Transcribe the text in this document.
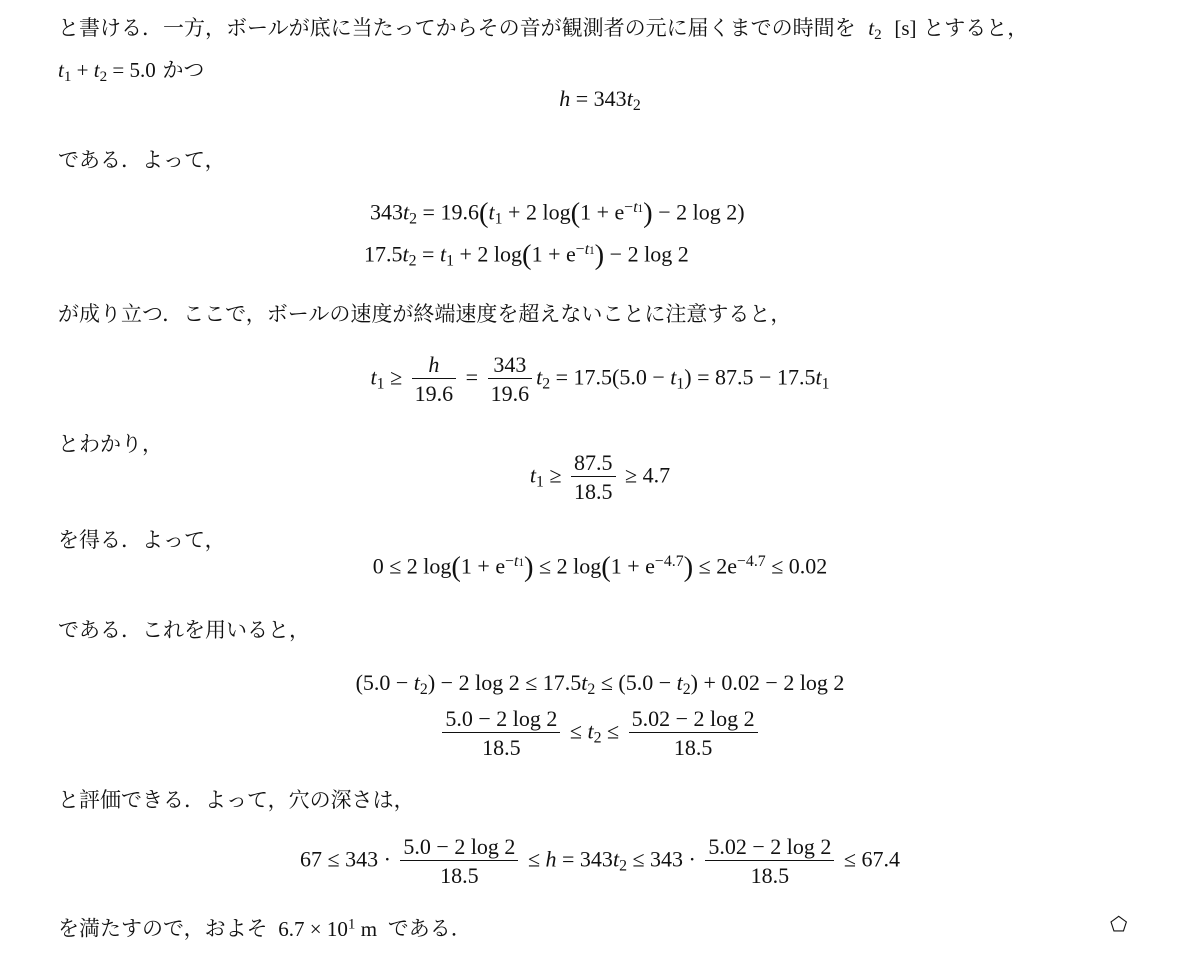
と書ける．一方，ボールが底に当たってからその音が観測者の元に届くまでの時間を $t_2$ [s] とすると，
$t_1 + t_2 = 5.0$ かつ
$h = 343t_2$
である．よって，
$343t_2 = 19.6(t_1 + 2$ $\log(1 + e^{-t1}) - 2$ log 2)
$17.5t_2 = t_1 + 2$ $\log(1 + e^{-t1}) - 2$ log 2
が成り立つ．ここで，ボールの速度が終端速度を超えないことに注意すると，
$t_1 \ge \frac{h}{19.6} = \frac{343}{19.6} t_2 = 17.5(5.0 - t_1) = 87.5 - 17.5t_1$
とわかり，
$t_1 \ge \frac{87.5}{18.5} \ge 4.7$
を得る．よって，
0 ≤ 2 $\log(1 + e^{-t1}) \le 2$ $\log(1 + e^{-4.7}) \le 2e^{-4.7} \le 0.02$
である．これを用いると，
$(5.0 - t_2) - 2$ $\log 2 \le 17.5t_2 \le (5.0 - t_2) + 0.02 - 2$ log 2
$\frac{5.0 - 2 \log 2}{18.5} \le t_2 \le \frac{5.02 - 2 \log 2}{18.5}$
と評価できる．よって，穴の深さは，
$67 \le 343 \cdot \frac{5.0 - 2 \log 2}{18.5} \le h = 343t_2 \le 343 \cdot \frac{5.02 - 2 \log 2}{18.5} \le 67.4$
を満たすので，およそ $6.7 \times 10^1$ m である．	⬠
